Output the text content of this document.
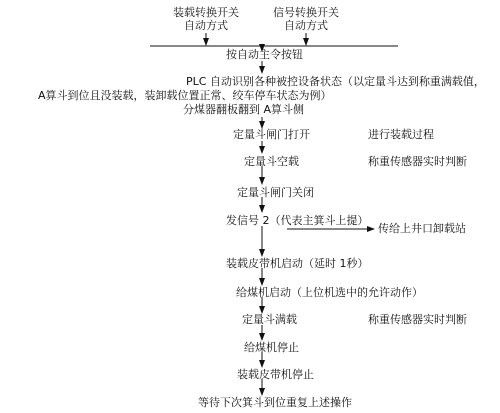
装载转换开关
自动方式
信号转换开关
自动方式
按自动主令按钮
PLC 自动识别各种被控设备状态（以定量斗达到称重满载值，
A算斗到位且没装载，装卸载位置正常、绞车停车状态为例）
分煤器翻板翻到 A算斗侧
定量斗闸门打开	进行装载过程
定量斗空载	称重传感器实时判断
定量斗闸门关闭
发信号 2（代表主箕斗上提）
传给上井口卸载站
装载皮带机启动（延时 1秒）
给煤机启动（上位机选中的允许动作）
定量斗满载	称重传感器实时判断
给煤机停止
装载皮带机停止
等待下次箕斗到位重复上述操作
